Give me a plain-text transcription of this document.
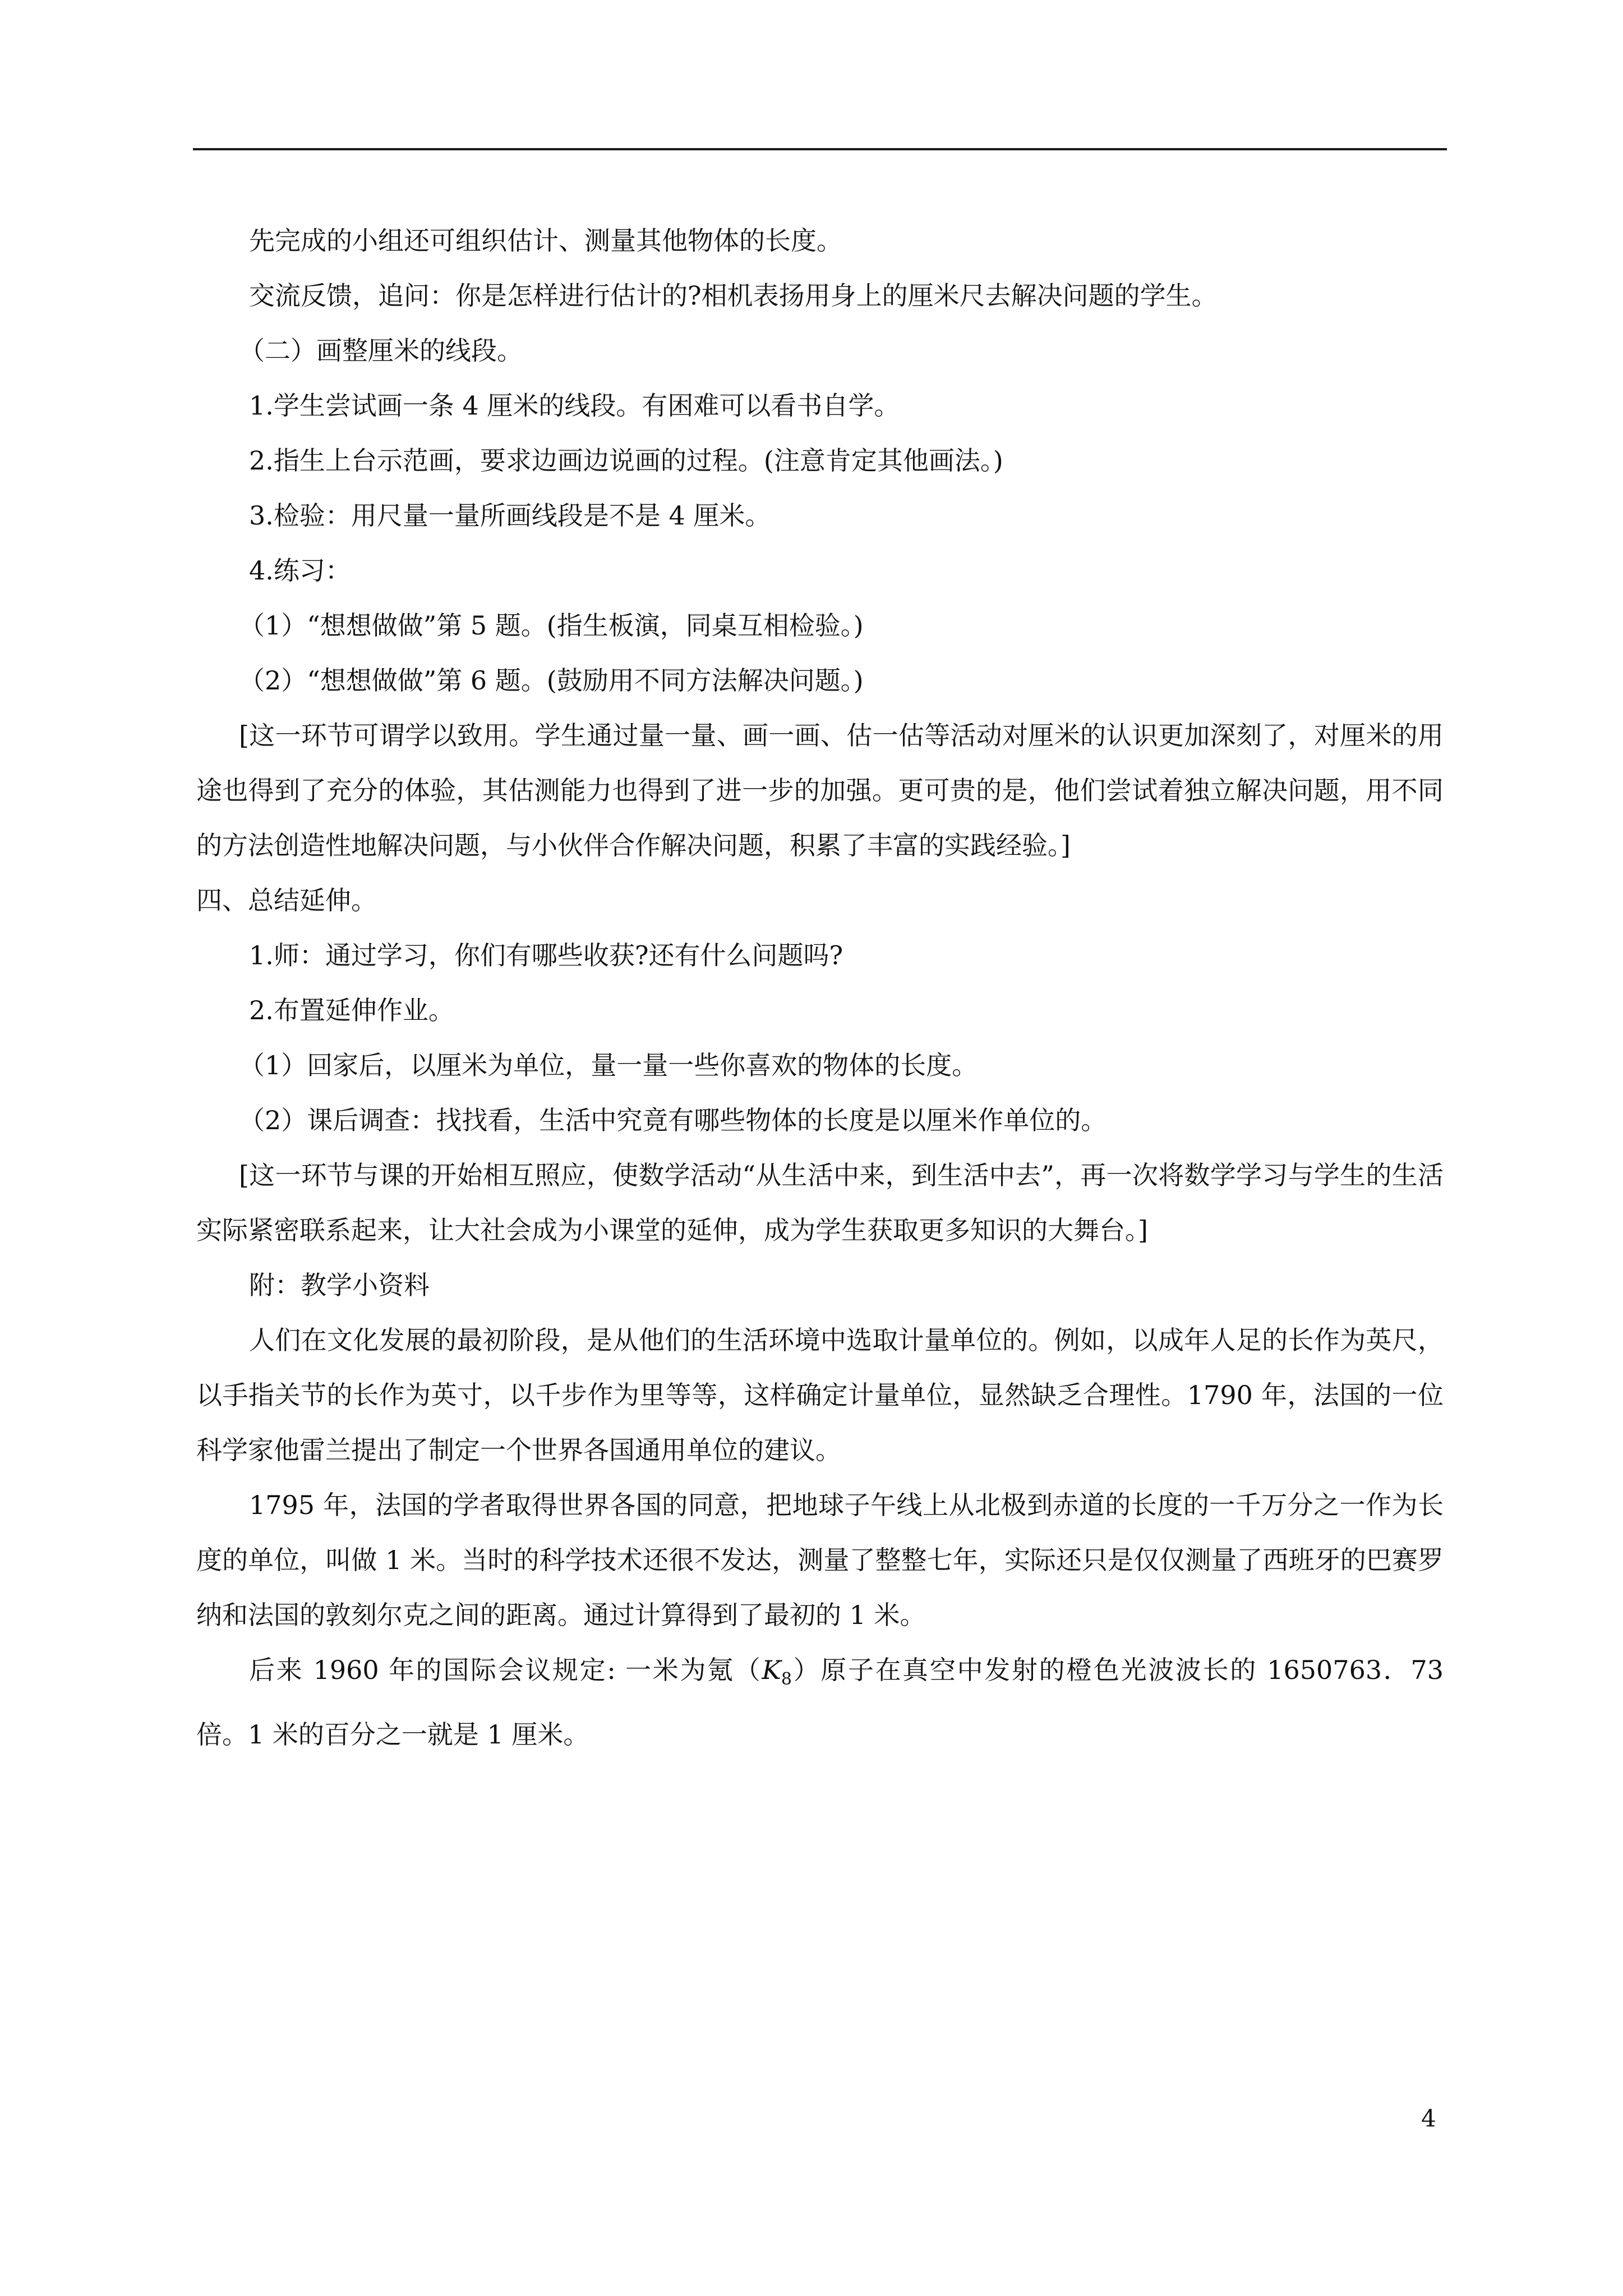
先完成的小组还可组织估计、测量其他物体的长度。

交流反馈，追问：你是怎样进行估计的?相机表扬用身上的厘米尺去解决问题的学生。

（二）画整厘米的线段。

1.学生尝试画一条 4 厘米的线段。有困难可以看书自学。

2.指生上台示范画，要求边画边说画的过程。(注意肯定其他画法。)

3.检验：用尺量一量所画线段是不是 4 厘米。

4.练习：

（1）“想想做做”第 5 题。(指生板演，同桌互相检验。)

（2）“想想做做”第 6 题。(鼓励用不同方法解决问题。)

[这一环节可谓学以致用。学生通过量一量、画一画、估一估等活动对厘米的认识更加深刻了，对厘米的用途也得到了充分的体验，其估测能力也得到了进一步的加强。更可贵的是，他们尝试着独立解决问题，用不同的方法创造性地解决问题，与小伙伴合作解决问题，积累了丰富的实践经验。]

四、总结延伸。

1.师：通过学习，你们有哪些收获?还有什么问题吗?

2.布置延伸作业。

（1）回家后，以厘米为单位，量一量一些你喜欢的物体的长度。

（2）课后调查：找找看，生活中究竟有哪些物体的长度是以厘米作单位的。

[这一环节与课的开始相互照应，使数学活动“从生活中来，到生活中去”，再一次将数学学习与学生的生活实际紧密联系起来，让大社会成为小课堂的延伸，成为学生获取更多知识的大舞台。]

附：教学小资料

人们在文化发展的最初阶段，是从他们的生活环境中选取计量单位的。例如，以成年人足的长作为英尺，以手指关节的长作为英寸，以千步作为里等等，这样确定计量单位，显然缺乏合理性。1790 年，法国的一位科学家他雷兰提出了制定一个世界各国通用单位的建议。

1795 年，法国的学者取得世界各国的同意，把地球子午线上从北极到赤道的长度的一千万分之一作为长度的单位，叫做 1 米。当时的科学技术还很不发达，测量了整整七年，实际还只是仅仅测量了西班牙的巴赛罗纳和法国的敦刻尔克之间的距离。通过计算得到了最初的 1 米。

后来 1960 年的国际会议规定: 一米为氪$(K_8)$原子在真空中发射的橙色光波波长的 1650763．73 倍。1 米的百分之一就是 1 厘米。

4
